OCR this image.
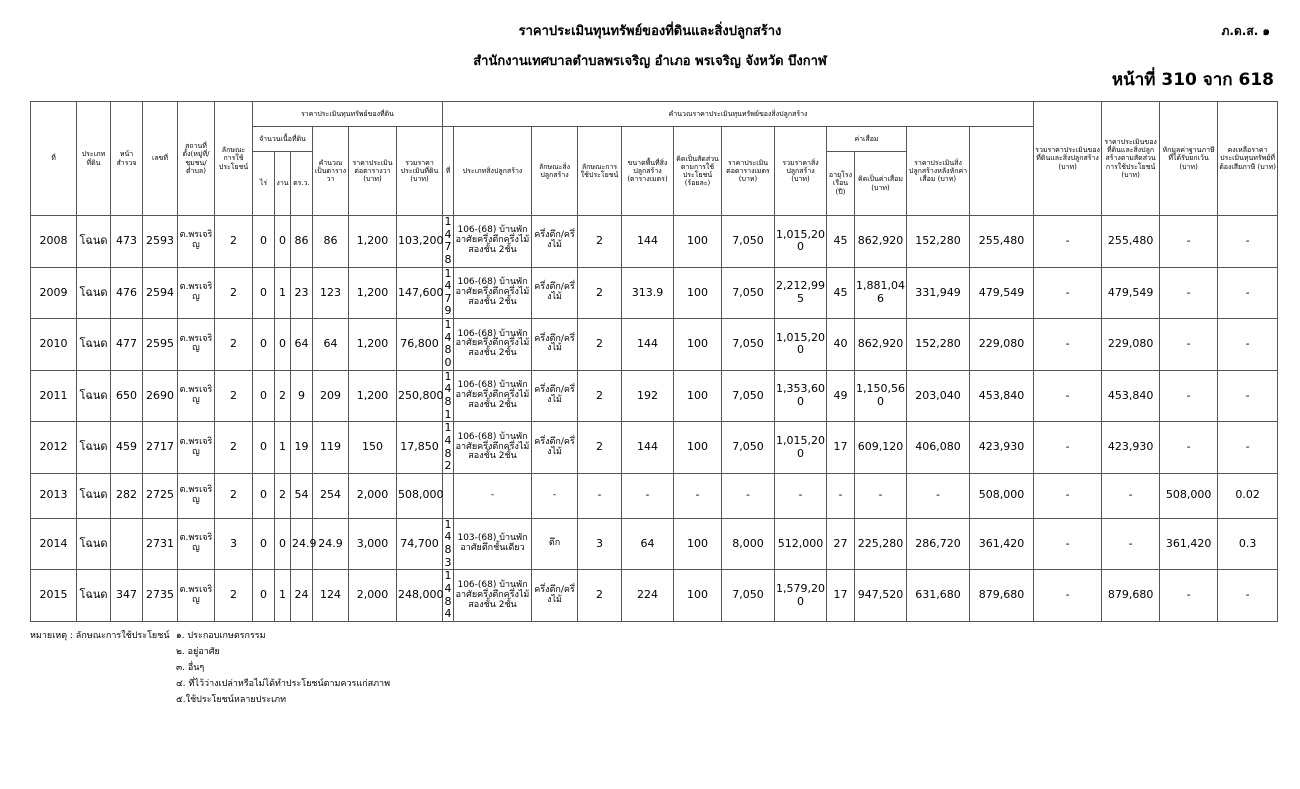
ราคาประเมินทุนทรัพย์ของที่ดินและสิ่งปลูกสร้าง
สำนักงานเทศบาลตำบลพรเจริญ อำเภอ พรเจริญ จังหวัด บึงกาฬ
ภ.ด.ส. ๑
หน้าที่ 310 จาก 618
ที่	ประเภทที่ดิน	หน้าสำรวจ	เลขที่	สถานที่ตั้ง(หมู่ที่/ชุมชน/ตำบล)	ลักษณะการใช้ประโยชน์	ราคาประเมินทุนทรัพย์ของที่ดิน						คำนวณราคาประเมินทุนทรัพย์ของสิ่งปลูกสร้าง												รวมราคาประเมินของที่ดินและสิ่งปลูกสร้าง (บาท)	ราคาประเมินของที่ดินและสิ่งปลูกสร้างตามสัดส่วนการใช้ประโยชน์ (บาท)	หักมูลค่าฐานภาษีที่ได้รับยกเว้น (บาท)	คงเหลือราคาประเมินทุนทรัพย์ที่ต้องเสียภาษี (บาท)	
						จำนวนเนื้อที่ดิน			คำนวณเป็นตารางวา	ราคาประเมินต่อตารางวา (บาท)	รวมราคาประเมินที่ดิน (บาท)	ที่	ประเภทสิ่งปลูกสร้าง	ลักษณะสิ่งปลูกสร้าง	ลักษณะการใช้ประโยชน์	ขนาดพื้นที่สิ่งปลูกสร้าง (ตารางเมตร)	คิดเป็นสัดส่วนตามการใช้ประโยชน์ (ร้อยละ)	ราคาประเมินต่อตารางเมตร (บาท)	รวมราคาสิ่งปลูกสร้าง (บาท)	ค่าเสื่อม		ราคาประเมินสิ่งปลูกสร้างหลังหักค่าเสื่อม (บาท)						
						ไร่	งาน	ตร.ว.												อายุโรงเรือน (ปี)	คิดเป็นค่าเสื่อม (บาท)							
2008	โฉนด	473	2593	ต.พรเจริญ	2	0	0	86	86	1,200	103,200	1478	106-(68) บ้านพักอาศัยครึ่งตึกครึ่งไม้สองชั้น 2ชั้น	ครึ่งตึก/ครึ่งไม้	2	144	100	7,050	1,015,200	45	862,920	152,280	255,480	-	255,480	-	-	
2009	โฉนด	476	2594	ต.พรเจริญ	2	0	1	23	123	1,200	147,600	1479	106-(68) บ้านพักอาศัยครึ่งตึกครึ่งไม้สองชั้น 2ชั้น	ครึ่งตึก/ครึ่งไม้	2	313.9	100	7,050	2,212,995	45	1,881,046	331,949	479,549	-	479,549	-	-	
2010	โฉนด	477	2595	ต.พรเจริญ	2	0	0	64	64	1,200	76,800	1480	106-(68) บ้านพักอาศัยครึ่งตึกครึ่งไม้สองชั้น 2ชั้น	ครึ่งตึก/ครึ่งไม้	2	144	100	7,050	1,015,200	40	862,920	152,280	229,080	-	229,080	-	-	
2011	โฉนด	650	2690	ต.พรเจริญ	2	0	2	9	209	1,200	250,800	1481	106-(68) บ้านพักอาศัยครึ่งตึกครึ่งไม้สองชั้น 2ชั้น	ครึ่งตึก/ครึ่งไม้	2	192	100	7,050	1,353,600	49	1,150,560	203,040	453,840	-	453,840	-	-	
2012	โฉนด	459	2717	ต.พรเจริญ	2	0	1	19	119	150	17,850	1482	106-(68) บ้านพักอาศัยครึ่งตึกครึ่งไม้สองชั้น 2ชั้น	ครึ่งตึก/ครึ่งไม้	2	144	100	7,050	1,015,200	17	609,120	406,080	423,930	-	423,930	-	-	
2013	โฉนด	282	2725	ต.พรเจริญ	2	0	2	54	254	2,000	508,000		-	-	-	-	-	-	-	-	-	-	508,000	-	-	508,000	0.02	
2014	โฉนด		2731	ต.พรเจริญ	3	0	0	24.9	24.9	3,000	74,700	1483	103-(68) บ้านพักอาศัยตึกชั้นเดียว	ตึก	3	64	100	8,000	512,000	27	225,280	286,720	361,420	-	-	361,420	0.3	
2015	โฉนด	347	2735	ต.พรเจริญ	2	0	1	24	124	2,000	248,000	1484	106-(68) บ้านพักอาศัยครึ่งตึกครึ่งไม้สองชั้น 2ชั้น	ครึ่งตึก/ครึ่งไม้	2	224	100	7,050	1,579,200	17	947,520	631,680	879,680	-	879,680	-	-	
หมายเหตุ : ลักษณะการใช้ประโยชน์ ๑. ประกอบเกษตรกรรม
๒. อยู่อาศัย
๓. อื่นๆ
๔. ที่ไว้ว่างเปล่าหรือไม่ได้ทำประโยชน์ตามควรแก่สภาพ
๕.ใช้ประโยชน์หลายประเภท
